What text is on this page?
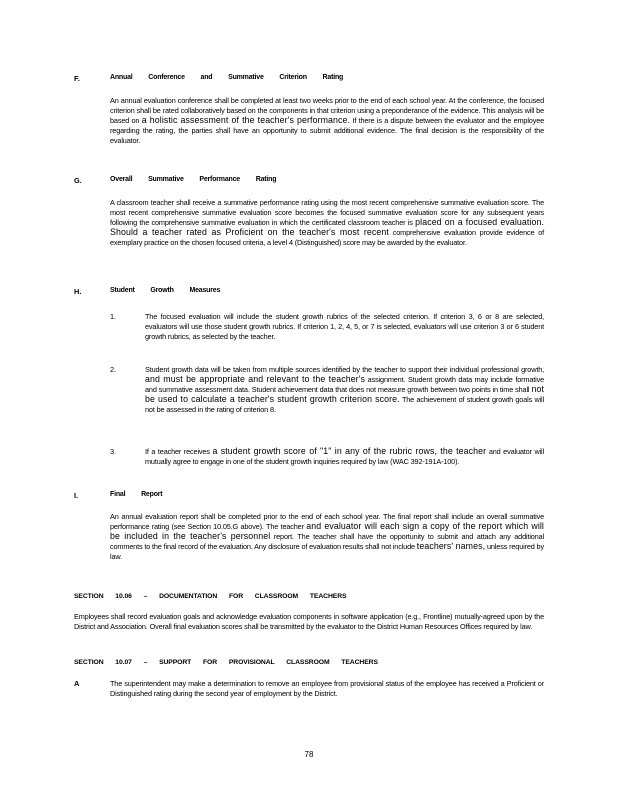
F.	Annual Conference and Summative Criterion Rating
An annual evaluation conference shall be completed at least two weeks prior to the end of each school year. At the conference, the focused criterion shall be rated collaboratively based on the components in that criterion using a preponderance of the evidence. This analysis will be based on a holistic assessment of the teacher's performance. If there is a dispute between the evaluator and the employee regarding the rating, the parties shall have an opportunity to submit additional evidence. The final decision is the responsibility of the evaluator.
G.	Overall Summative Performance Rating
A classroom teacher shall receive a summative performance rating using the most recent comprehensive summative evaluation score. The most recent comprehensive summative evaluation score becomes the focused summative evaluation score for any subsequent years following the comprehensive summative evaluation in which the certificated classroom teacher is placed on a focused evaluation. Should a teacher rated as Proficient on the teacher's most recent comprehensive evaluation provide evidence of exemplary practice on the chosen focused criteria, a level 4 (Distinguished) score may be awarded by the evaluator.
H.	Student Growth Measures
1.	The focused evaluation will include the student growth rubrics of the selected criterion. If criterion 3, 6 or 8 are selected, evaluators will use those student growth rubrics. If criterion 1, 2, 4, 5, or 7 is selected, evaluators will use criterion 3 or 6 student growth rubrics, as selected by the teacher.
2.	Student growth data will be taken from multiple sources identified by the teacher to support their individual professional growth, and must be appropriate and relevant to the teacher's assignment. Student growth data may include formative and summative assessment data. Student achievement data that does not measure growth between two points in time shall not be used to calculate a teacher's student growth criterion score. The achievement of student growth goals will not be assessed in the rating of criterion 8.
3.	If a teacher receives a student growth score of "1" in any of the rubric rows, the teacher and evaluator will mutually agree to engage in one of the student growth inquiries required by law (WAC 392-191A-100).
I.	Final Report
An annual evaluation report shall be completed prior to the end of each school year. The final report shall include an overall summative performance rating (see Section 10.05.G above). The teacher and evaluator will each sign a copy of the report which will be included in the teacher's personnel report. The teacher shall have the opportunity to submit and attach any additional comments to the final record of the evaluation. Any disclosure of evaluation results shall not include teachers' names, unless required by law.
SECTION 10.06 – DOCUMENTATION FOR CLASSROOM TEACHERS
Employees shall record evaluation goals and acknowledge evaluation components in software application (e.g., Frontline) mutually-agreed upon by the District and Association. Overall final evaluation scores shall be transmitted by the evaluator to the District Human Resources Offices required by law.
SECTION 10.07 – SUPPORT FOR PROVISIONAL CLASSROOM TEACHERS
A	The superintendent may make a determination to remove an employee from provisional status of the employee has received a Proficient or Distinguished rating during the second year of employment by the District.
78
